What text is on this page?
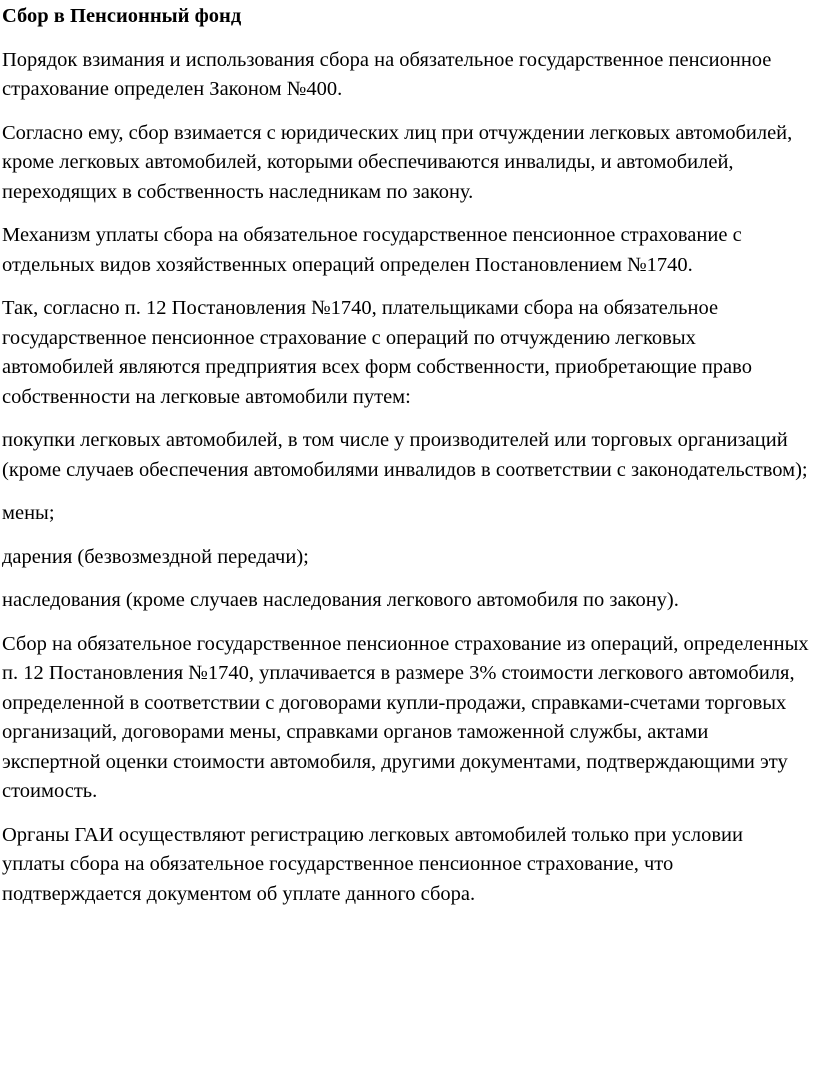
Сбор в Пенсионный фонд

Порядок взимания и использования сбора на обязательное государственное пенсионное страхование определен Законом №400.

Согласно ему, сбор взимается с юридических лиц при отчуждении легковых автомобилей, кроме легковых автомобилей, которыми обеспечиваются инвалиды, и автомобилей, переходящих в собственность наследникам по закону.

Механизм уплаты сбора на обязательное государственное пенсионное страхование с отдельных видов хозяйственных операций определен Постановлением №1740.

Так, согласно п. 12 Постановления №1740, плательщиками сбора на обязательное государственное пенсионное страхование с операций по отчуждению легковых автомобилей являются предприятия всех форм собственности, приобретающие право собственности на легковые автомобили путем:

покупки легковых автомобилей, в том числе у производителей или торговых организаций (кроме случаев обеспечения автомобилями инвалидов в соответствии с законодательством);

мены;

дарения (безвозмездной передачи);

наследования (кроме случаев наследования легкового автомобиля по закону).

Сбор на обязательное государственное пенсионное страхование из операций, определенных п. 12 Постановления №1740, уплачивается в размере 3% стоимости легкового автомобиля, определенной в соответствии с договорами купли-продажи, справками-счетами торговых организаций, договорами мены, справками органов таможенной службы, актами экспертной оценки стоимости автомобиля, другими документами, подтверждающими эту стоимость.

Органы ГАИ осуществляют регистрацию легковых автомобилей только при условии уплаты сбора на обязательное государственное пенсионное страхование, что подтверждается документом об уплате данного сбора.
